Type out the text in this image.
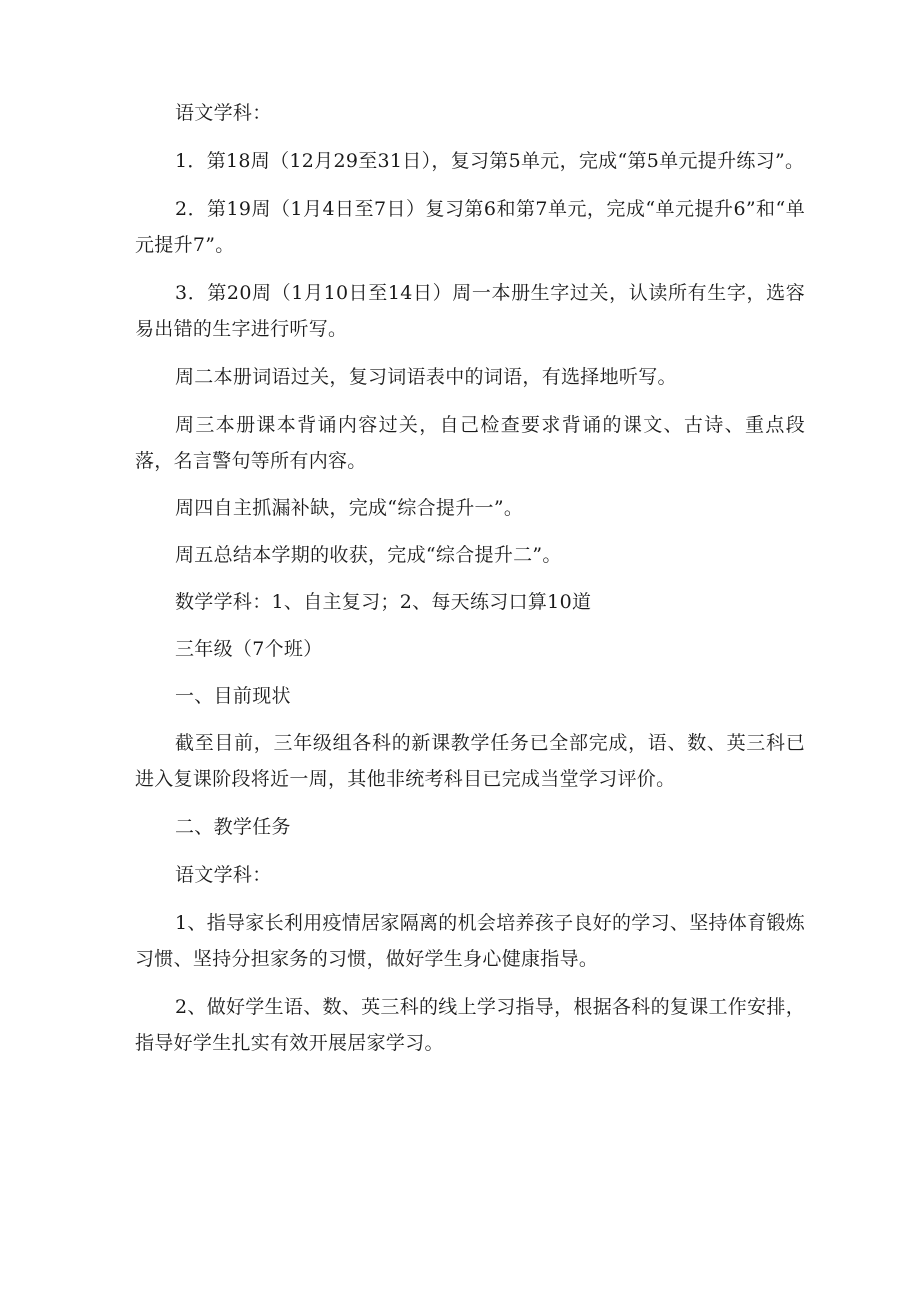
语文学科：

1．第18周（12月29至31日），复习第5单元，完成“第5单元提升练习”。

2．第19周（1月4日至7日）复习第6和第7单元，完成“单元提升6”和“单元提升7”。

3．第20周（1月10日至14日）周一本册生字过关，认读所有生字，选容易出错的生字进行听写。

周二本册词语过关，复习词语表中的词语，有选择地听写。

周三本册课本背诵内容过关，自己检查要求背诵的课文、古诗、重点段落，名言警句等所有内容。

周四自主抓漏补缺，完成“综合提升一”。

周五总结本学期的收获，完成“综合提升二”。

数学学科：1、自主复习；2、每天练习口算10道

三年级（7个班）

一、目前现状

截至目前，三年级组各科的新课教学任务已全部完成，语、数、英三科已进入复课阶段将近一周，其他非统考科目已完成当堂学习评价。

二、教学任务

语文学科：

1、指导家长利用疫情居家隔离的机会培养孩子良好的学习、坚持体育锻炼习惯、坚持分担家务的习惯，做好学生身心健康指导。

2、做好学生语、数、英三科的线上学习指导，根据各科的复课工作安排，指导好学生扎实有效开展居家学习。
